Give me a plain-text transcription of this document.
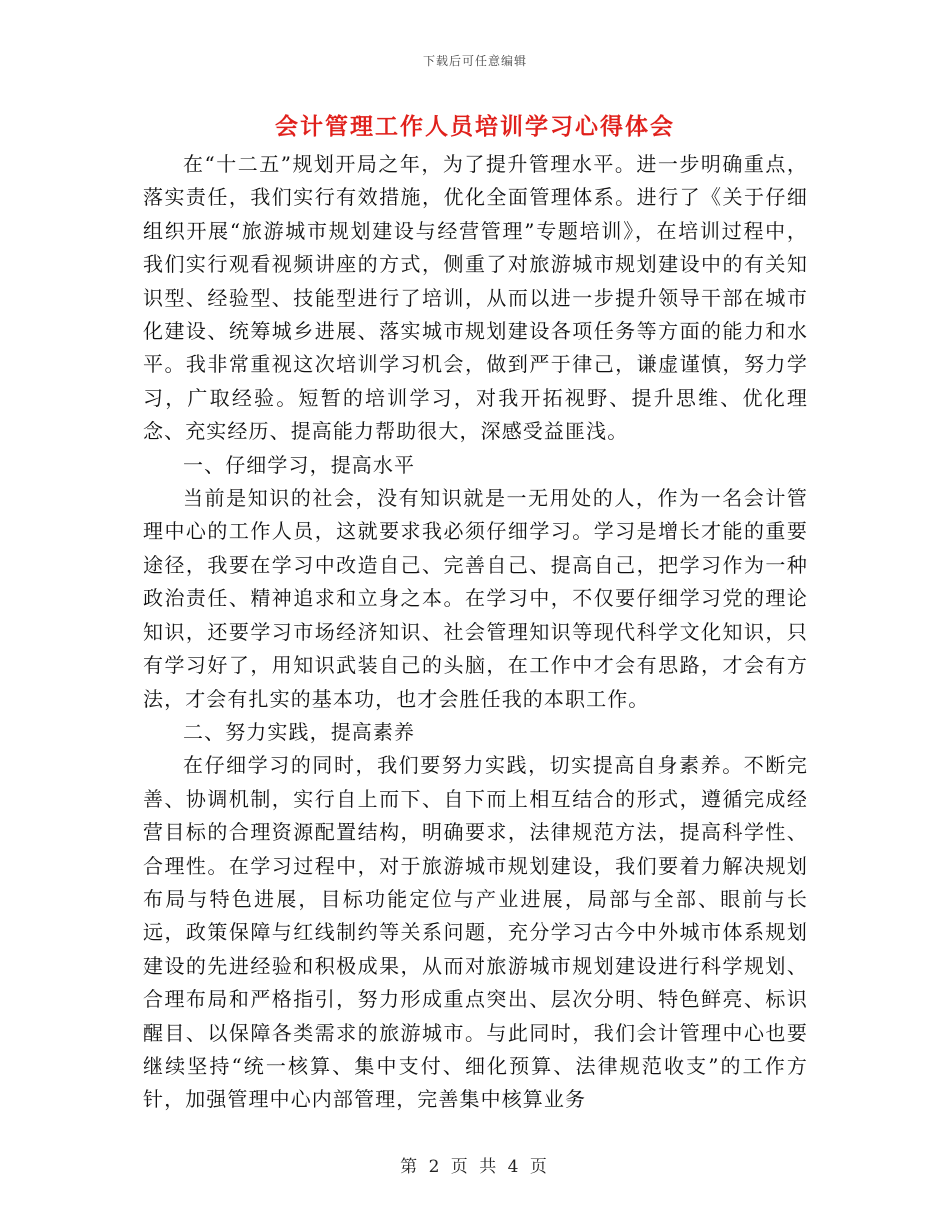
下载后可任意编辑
会计管理工作人员培训学习心得体会

在“十二五”规划开局之年，为了提升管理水平。进一步明确重点，落实责任，我们实行有效措施，优化全面管理体系。进行了《关于仔细组织开展“旅游城市规划建设与经营管理”专题培训》，在培训过程中，我们实行观看视频讲座的方式，侧重了对旅游城市规划建设中的有关知识型、经验型、技能型进行了培训，从而以进一步提升领导干部在城市化建设、统筹城乡进展、落实城市规划建设各项任务等方面的能力和水平。我非常重视这次培训学习机会，做到严于律己，谦虚谨慎，努力学习，广取经验。短暂的培训学习，对我开拓视野、提升思维、优化理念、充实经历、提高能力帮助很大，深感受益匪浅。

一、仔细学习，提高水平

当前是知识的社会，没有知识就是一无用处的人，作为一名会计管理中心的工作人员，这就要求我必须仔细学习。学习是增长才能的重要途径，我要在学习中改造自己、完善自己、提高自己，把学习作为一种政治责任、精神追求和立身之本。在学习中，不仅要仔细学习党的理论知识，还要学习市场经济知识、社会管理知识等现代科学文化知识，只有学习好了，用知识武装自己的头脑，在工作中才会有思路，才会有方法，才会有扎实的基本功，也才会胜任我的本职工作。

二、努力实践，提高素养

在仔细学习的同时，我们要努力实践，切实提高自身素养。不断完善、协调机制，实行自上而下、自下而上相互结合的形式，遵循完成经营目标的合理资源配置结构，明确要求，法律规范方法，提高科学性、合理性。在学习过程中，对于旅游城市规划建设，我们要着力解决规划布局与特色进展，目标功能定位与产业进展，局部与全部、眼前与长远，政策保障与红线制约等关系问题，充分学习古今中外城市体系规划建设的先进经验和积极成果，从而对旅游城市规划建设进行科学规划、合理布局和严格指引，努力形成重点突出、层次分明、特色鲜亮、标识醒目、以保障各类需求的旅游城市。与此同时，我们会计管理中心也要继续坚持“统一核算、集中支付、细化预算、法律规范收支”的工作方针，加强管理中心内部管理，完善集中核算业务

第 2 页 共 4 页
